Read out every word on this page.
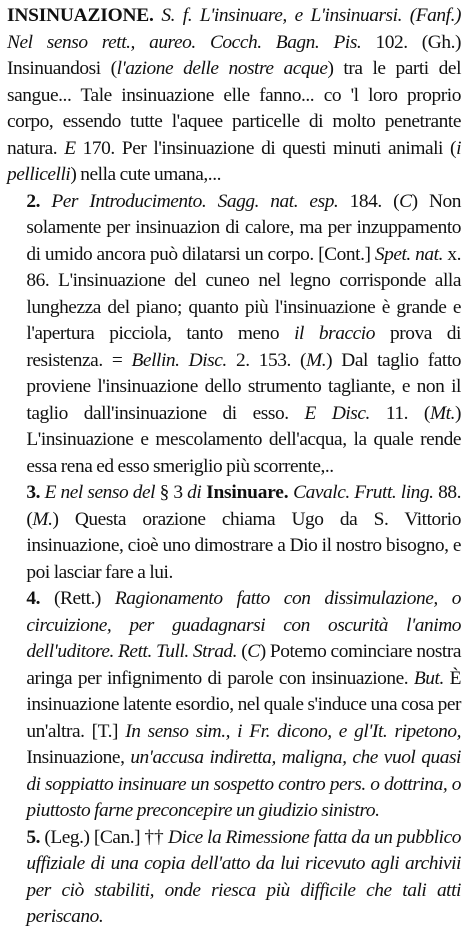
INSINUAZIONE. S. f. L'insinuare, e L'insinuarsi. (Fanf.) Nel senso rett., aureo. Cocch. Bagn. Pis. 102. (Gh.) Insinuandosi (l'azione delle nostre acque) tra le parti del sangue... Tale insinuazione elle fanno... co 'l loro proprio corpo, essendo tutte l'aquee particelle di molto penetrante natura. E 170. Per l'insinuazione di questi minuti animali (i pellicelli) nella cute umana,...

2. Per Introducimento. Sagg. nat. esp. 184. (C) Non solamente per insinuazion di calore, ma per inzuppamento di umido ancora può dilatarsi un corpo. [Cont.] Spet. nat. x. 86. L'insinuazione del cuneo nel legno corrisponde alla lunghezza del piano; quanto più l'insinuazione è grande e l'apertura picciola, tanto meno il braccio prova di resistenza. = Bellin. Disc. 2. 153. (M.) Dal taglio fatto proviene l'insinuazione dello strumento tagliante, e non il taglio dall'insinuazione di esso. E Disc. 11. (Mt.) L'insinuazione e mescolamento dell'acqua, la quale rende essa rena ed esso smeriglio più scorrente,..

3. E nel senso del § 3 di Insinuare. Cavalc. Frutt. ling. 88. (M.) Questa orazione chiama Ugo da S. Vittorio insinuazione, cioè uno dimostrare a Dio il nostro bisogno, e poi lasciar fare a lui.

4. (Rett.) Ragionamento fatto con dissimulazione, o circuizione, per guadagnarsi con oscurità l'animo dell'uditore. Rett. Tull. Strad. (C) Potemo cominciare nostra aringa per infignimento di parole con insinuazione. But. È insinuazione latente esordio, nel quale s'induce una cosa per un'altra. [T.] In senso sim., i Fr. dicono, e gl'It. ripetono, Insinuazione, un'accusa indiretta, maligna, che vuol quasi di soppiatto insinuare un sospetto contro pers. o dottrina, o piuttosto farne preconcepire un giudizio sinistro.

5. (Leg.) [Can.] †† Dice la Rimessione fatta da un pubblico uffiziale di una copia dell'atto da lui ricevuto agli archivii per ciò stabiliti, onde riesca più difficile che tali atti periscano.
